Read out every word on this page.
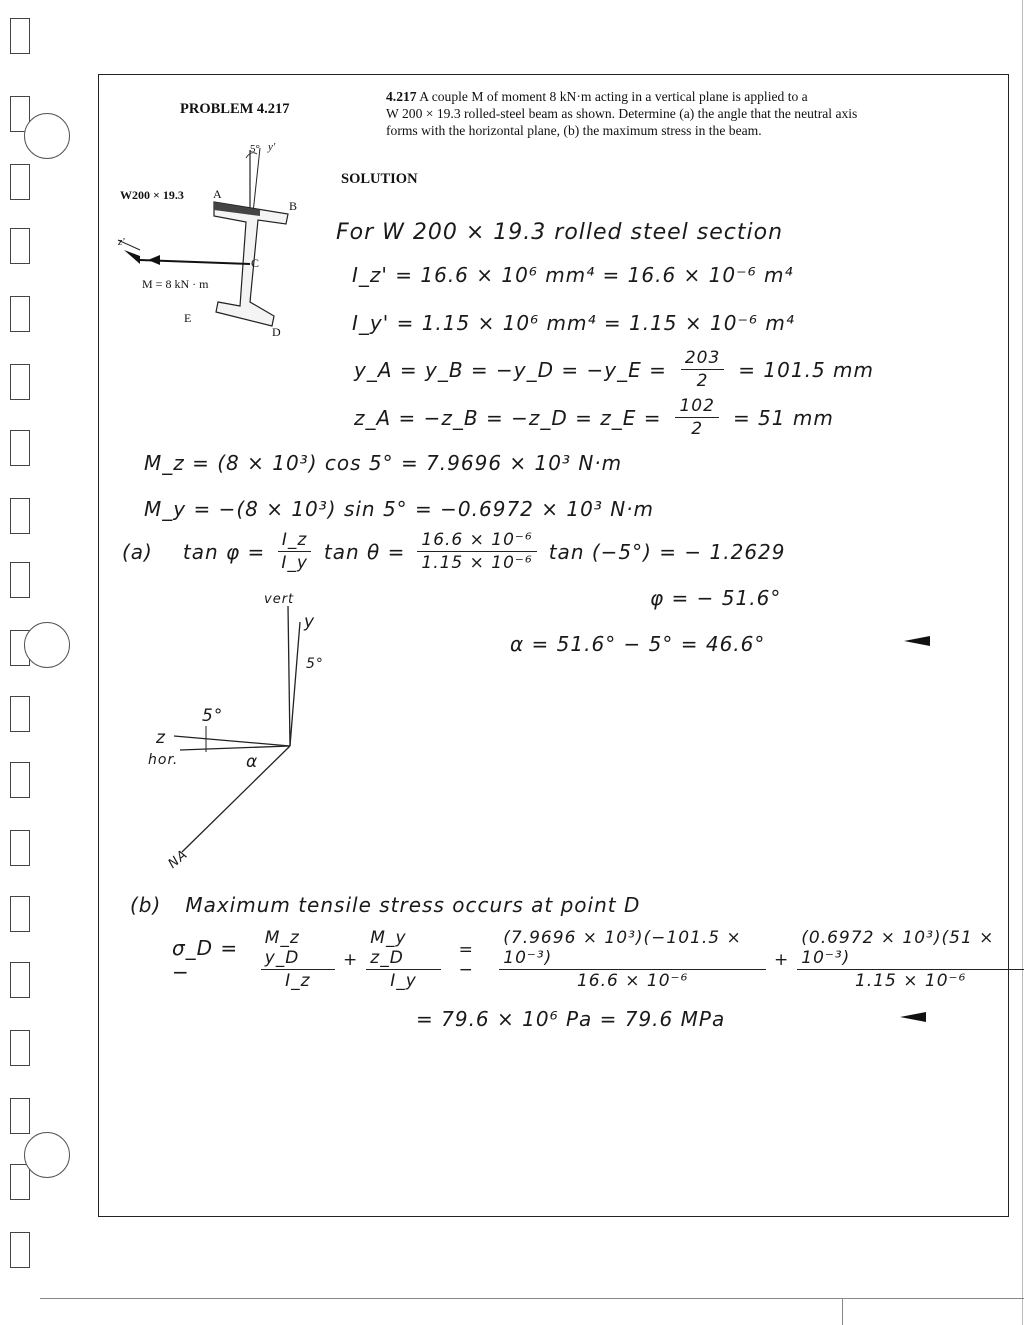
PROBLEM 4.217
4.217 A couple M of moment 8 kN·m acting in a vertical plane is applied to a
W 200 × 19.3 rolled-steel beam as shown. Determine (a) the angle that the neutral axis
forms with the horizontal plane, (b) the maximum stress in the beam.
SOLUTION
W200 × 19.3
M = 8 kN · m
5° y'
z'
A
B
C
D
E
For W 200 × 19.3 rolled steel section
I_z' = 16.6 × 10⁶ mm⁴ = 16.6 × 10⁻⁶ m⁴
I_y' = 1.15 × 10⁶ mm⁴ = 1.15 × 10⁻⁶ m⁴
y_A = y_B = −y_D = −y_E = $\frac{203}{2} = 101.5$ mm
z_A = −z_B = −z_D = z_E = $\frac{102}{2} = 51$ mm
M_z = (8 × 10³) cos 5° = 7.9696 × 10³ N·m
M_y = −(8 × 10³) sin 5° = −0.6972 × 10³ N·m
(a) $\tan \varphi = \frac{I\_z}{I\_y}$ $\tan \theta = \frac{\text{16.6 × 10⁻⁶}}{\text{1.15 × 10⁻⁶}}$ tan (−5°) = − 1.2629
φ = − 51.6°
α = 51.6° − 5° = 46.6°
vert
y
5°
5°
z
hor.	α
NA
(b) Maximum tensile stress occurs at point D
σ_D = −	$\frac{\text{M\_z y\_D}}{I\_z} + \frac{\text{M\_y z\_D}}{I\_y}$ = −	$\frac{\text{(7.9696 × 10³)(−101.5 × 10⁻³)}}{\text{16.6 × 10⁻⁶}} + \frac{\text{(0.6972 × 10³)(51 × 10⁻³)}}{\text{1.15 × 10⁻⁶}}$
= 79.6 × 10⁶ Pa = 79.6 MPa
